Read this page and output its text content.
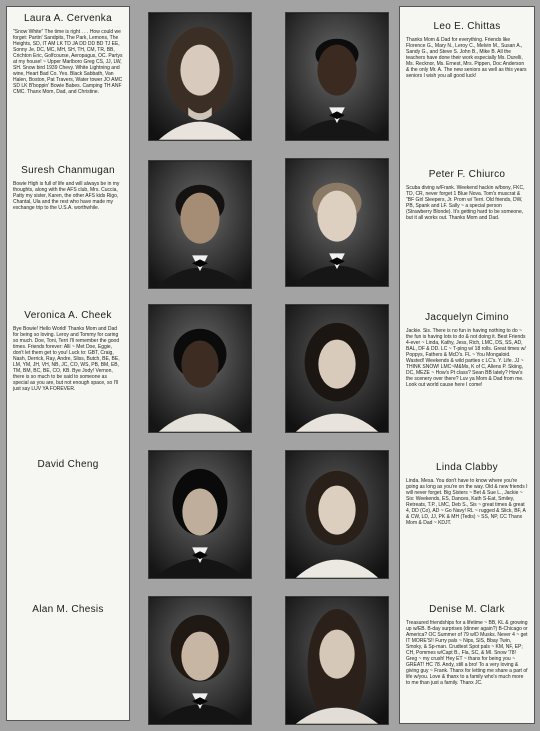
Laura A. Cervenka
"Snow White" The time is right . . . How could we forget: Partin' Sandpits, The Park, Lemons, The Heights, SD, IT AM LK TD JA DD DD BD TJ EE, Sonny Je, DC, MC, MH, SH, TH, CM, TR, BB, Crichton Eric, Golfcourse, Aeropagus, OC. Partys at my house! ~ Upper Marlboro Greg CS, JJ, LW, SH. Snow bird 1939 Chevy. White Lightning and wine, Heart Bad Co. Yes. Black Sabbath, Van Halen, Boston, Pat Travers, Water tower JO AMC SD LK B'boppin' Bowie Babes. Camping TH ANF CMC. Thanx Mom, Dad, and Christine.
Suresh Chanmugan
Bowie High is full of life and will always be in my thoughts, along with the AFS club, Mrs. Cuccia, Patty my sister, Karen, the other AFS kids Rigo, Chantal, Ula and the rest who have made my exchange trip to the U.S.A. worthwhile.
Veronica A. Cheek
Bye Bowie! Hello World! Thanks Mom and Dad for being so loving. Leroy and Tommy for caring so much. Doe, Toni, Terri I'll remember the good times. Friends forever: Alli ~ Met Doe, Eggie, don't let them get to you! Luck to: GBT, Craig, Nash, Derrick, Ray, Andre, Sliss, Butch, BE, BE, LM, YM, JH, VH, NB, JC, CO, WS, PB, BM, EB, TM, BM, BC, BE, CO, KB. Bye Jody! Vernon, there is so much to be said to someone as special as you are, but not enough space, so I'll just say LUV YA FOREVER.
David Cheng
Alan M. Chesis
Leo E. Chittas
Thanks Mom & Dad for everything. Friends like Florence G., Mary N., Leroy C., Melvin M., Susan A., Sandy G., and Steve S. John B., Mike B. All the teachers have done their work especially Ms. Durelli, Ms. Recknor, Ms. Ernest, Mrs. Pippen, Doc Anderson & the only Mr. A. The new seniors as well as this years seniors I wish you all good luck!
Peter F. Chiurco
Scuba diving w/Frank. Weekend hackin w/bony, FKC, TD, CR, never forget 1 Blue Nova. Tom's muscrat & "BF Girl Sleepers, Jr. Prom w/ Terri. Old friends, DW, PB, Spank and LF. Sally ~ a special person (Strawberry Blonde). It's getting hard to be someone, but it all works out. Thanks Mom and Dad.
Jacquelyn Cimino
Jackie. Sis. There is no fun in having nothing to do ~ the fun is having lots to do & not doing it. Best Friends 4-ever ~ Linda, Kathy, Jess, Rich, LMC, DS, SS, AD, BAL, DF & DD. LC ~ T-ping w/ 18 rolls. Great times w/ Poppys, Fathers & McD's. FL ~ You Mongaloid. Wasted! Weekends & wild parties c LC's. Y. Life. JJ ~ THINK SNOW! LMC~M&Ms, K of C, Allens P. Skiing, DC, MEZE ~ How's Pt class? Sean BB lately? How's the scenery over there? Luv ya Mom & Dad from me. Look out world cause here I come!
Linda Clabby
Linda. Mesa. You don't have to know where you're going as long as you're on the way. Old & new friends I will never forget. Big Sisters ~ Bet & Sue L., Jackie ~ Sis: Weekends, ES, Dances, Kath S-Eat, Smiley, Retreats, T.P., LMC, Deb S., Sis ~ great times & great 4, DD (Co), AD ~ Go Navy! RL ~ rugged & Slick, BF, A & CW, LD, JJ, PK & MH (Tedis) ~ SS, NP, CC Thanx Mom & Dad ~ KDJT.
Denise M. Clark
Treasured friendships for a lifetime ~ BB, KL & growing up w/EB. B-day surprises (dinner again?) B-Chicago or America? OC Summer of 79 w/D Musks. Never 4 ~ get IT MORE'S!! Furry pals ~ Nips, SIS, Bbay Twin, Smoky, & Sp-man. Crudtest Spot pals ~ KM, NF, EP; CH, Pommes w/Capt B., Fla, SC, & MI. Snow '78! Greg ~ my crush! Hey ET ~ thanx for being you ~ GREAT! HC 78. Andy, still a bro! To a very loving & giving guy ~ Frank. Thanx for letting me share a part of life w/you. Love & thanx to a family who's much more to me than just a family. Thanx JC.
